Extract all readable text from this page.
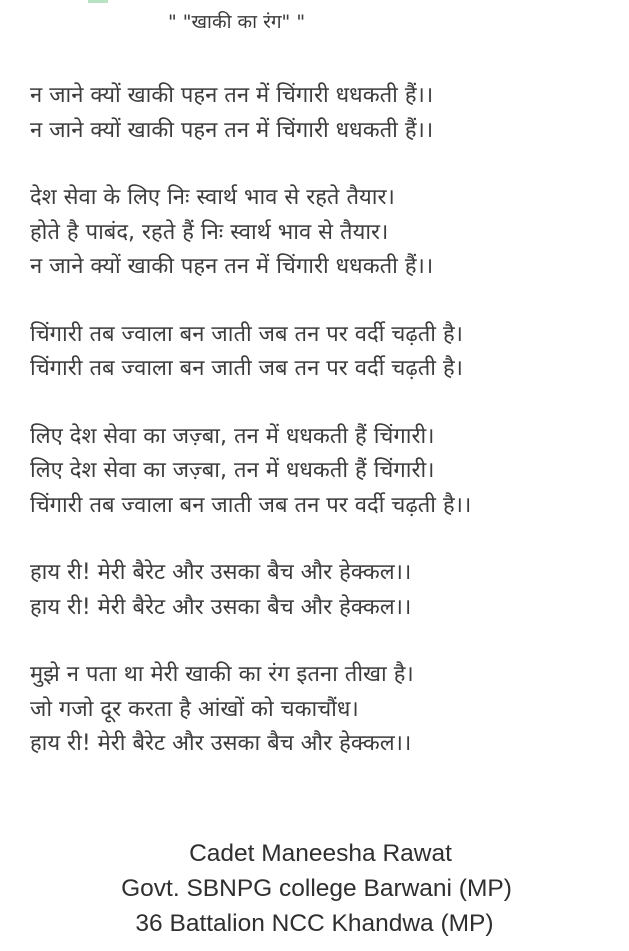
" "खाकी का रंग" "
न जाने क्यों खाकी पहन तन में चिंगारी धधकती हैं।।
न जाने क्यों खाकी पहन तन में चिंगारी धधकती हैं।।
देश सेवा के लिए निः स्वार्थ भाव से रहते तैयार।
होते है पाबंद, रहते हैं निः स्वार्थ भाव से तैयार।
न जाने क्यों खाकी पहन तन में चिंगारी धधकती हैं।।
चिंगारी तब ज्वाला बन जाती जब तन पर वर्दी चढ़ती है।
चिंगारी तब ज्वाला बन जाती जब तन पर वर्दी चढ़ती है।
लिए देश सेवा का जज़्बा, तन में धधकती हैं चिंगारी।
लिए देश सेवा का जज़्बा, तन में धधकती हैं चिंगारी।
चिंगारी तब ज्वाला बन जाती जब तन पर वर्दी चढ़ती है।।
हाय री! मेरी बैरेट और उसका बैच और हेक्कल।।
हाय री! मेरी बैरेट और उसका बैच और हेक्कल।।
मुझे न पता था मेरी खाकी का रंग इतना तीखा है।
जो गजो दूर करता है आंखों को चकाचौंध।
हाय री! मेरी बैरेट और उसका बैच और हेक्कल।।
Cadet Maneesha Rawat
Govt. SBNPG college Barwani (MP)
36 Battalion NCC Khandwa (MP)
